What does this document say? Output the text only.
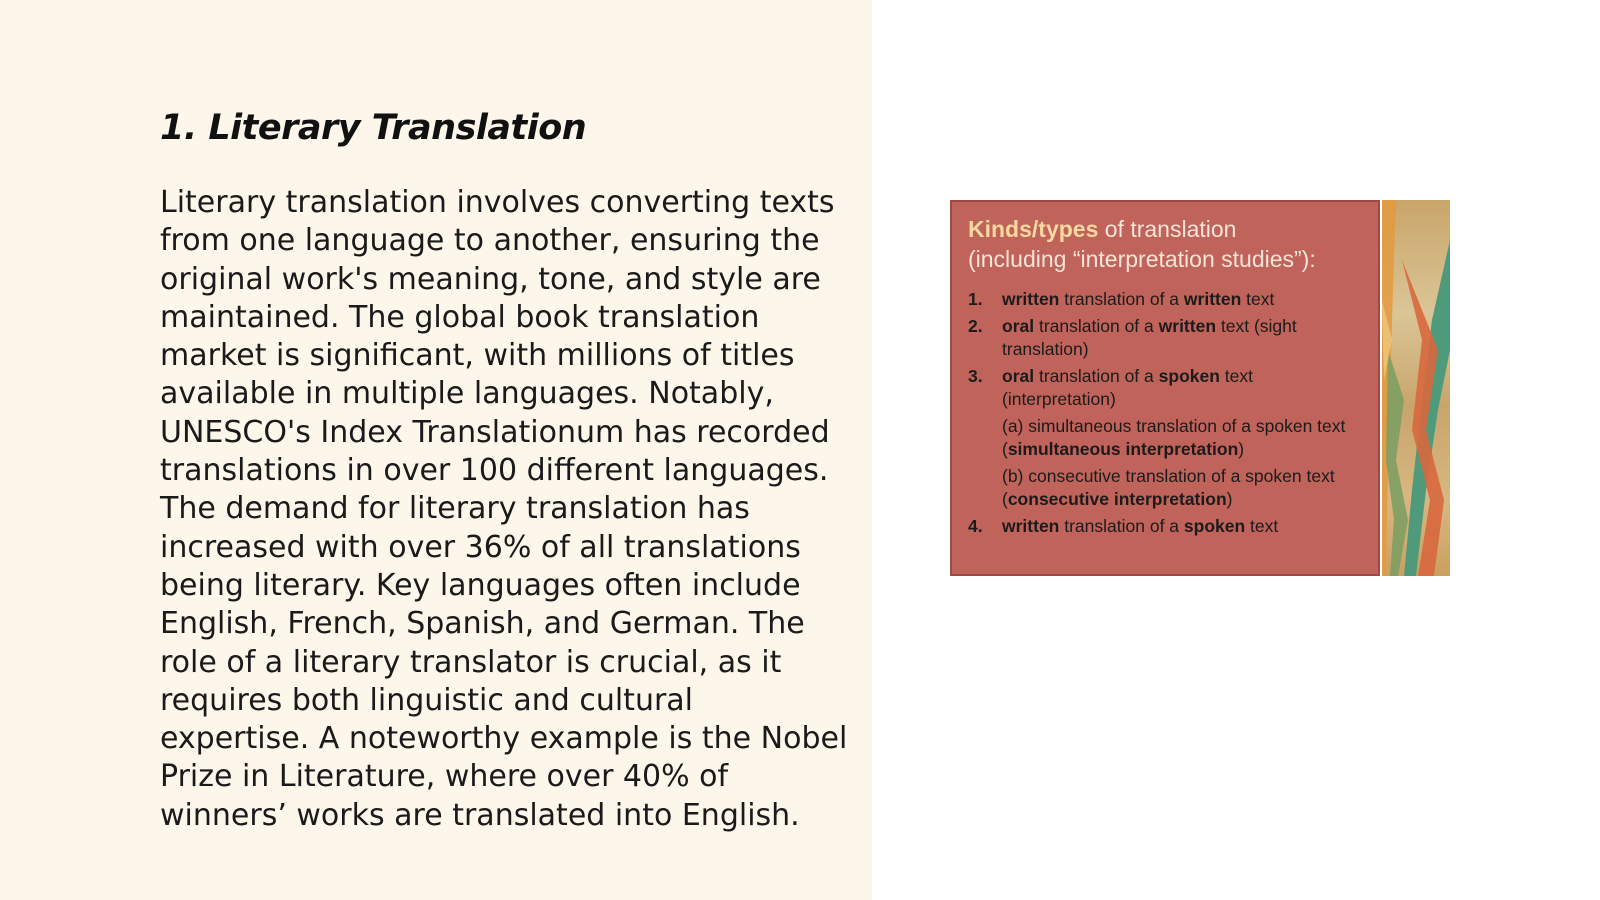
1. Literary Translation

Literary translation involves converting texts from one language to another, ensuring the original work's meaning, tone, and style are maintained. The global book translation market is significant, with millions of titles available in multiple languages. Notably, UNESCO's Index Translationum has recorded translations in over 100 different languages. The demand for literary translation has increased with over 36% of all translations being literary. Key languages often include English, French, Spanish, and German. The role of a literary translator is crucial, as it requires both linguistic and cultural expertise. A noteworthy example is the Nobel Prize in Literature, where over 40% of winners’ works are translated into English.

Kinds/types of translation
(including “interpretation studies”):
1. written translation of a written text
2. oral translation of a written text (sight translation)
3. oral translation of a spoken text (interpretation)
(a) simultaneous translation of a spoken text (simultaneous interpretation)
(b) consecutive translation of a spoken text (consecutive interpretation)
4. written translation of a spoken text
